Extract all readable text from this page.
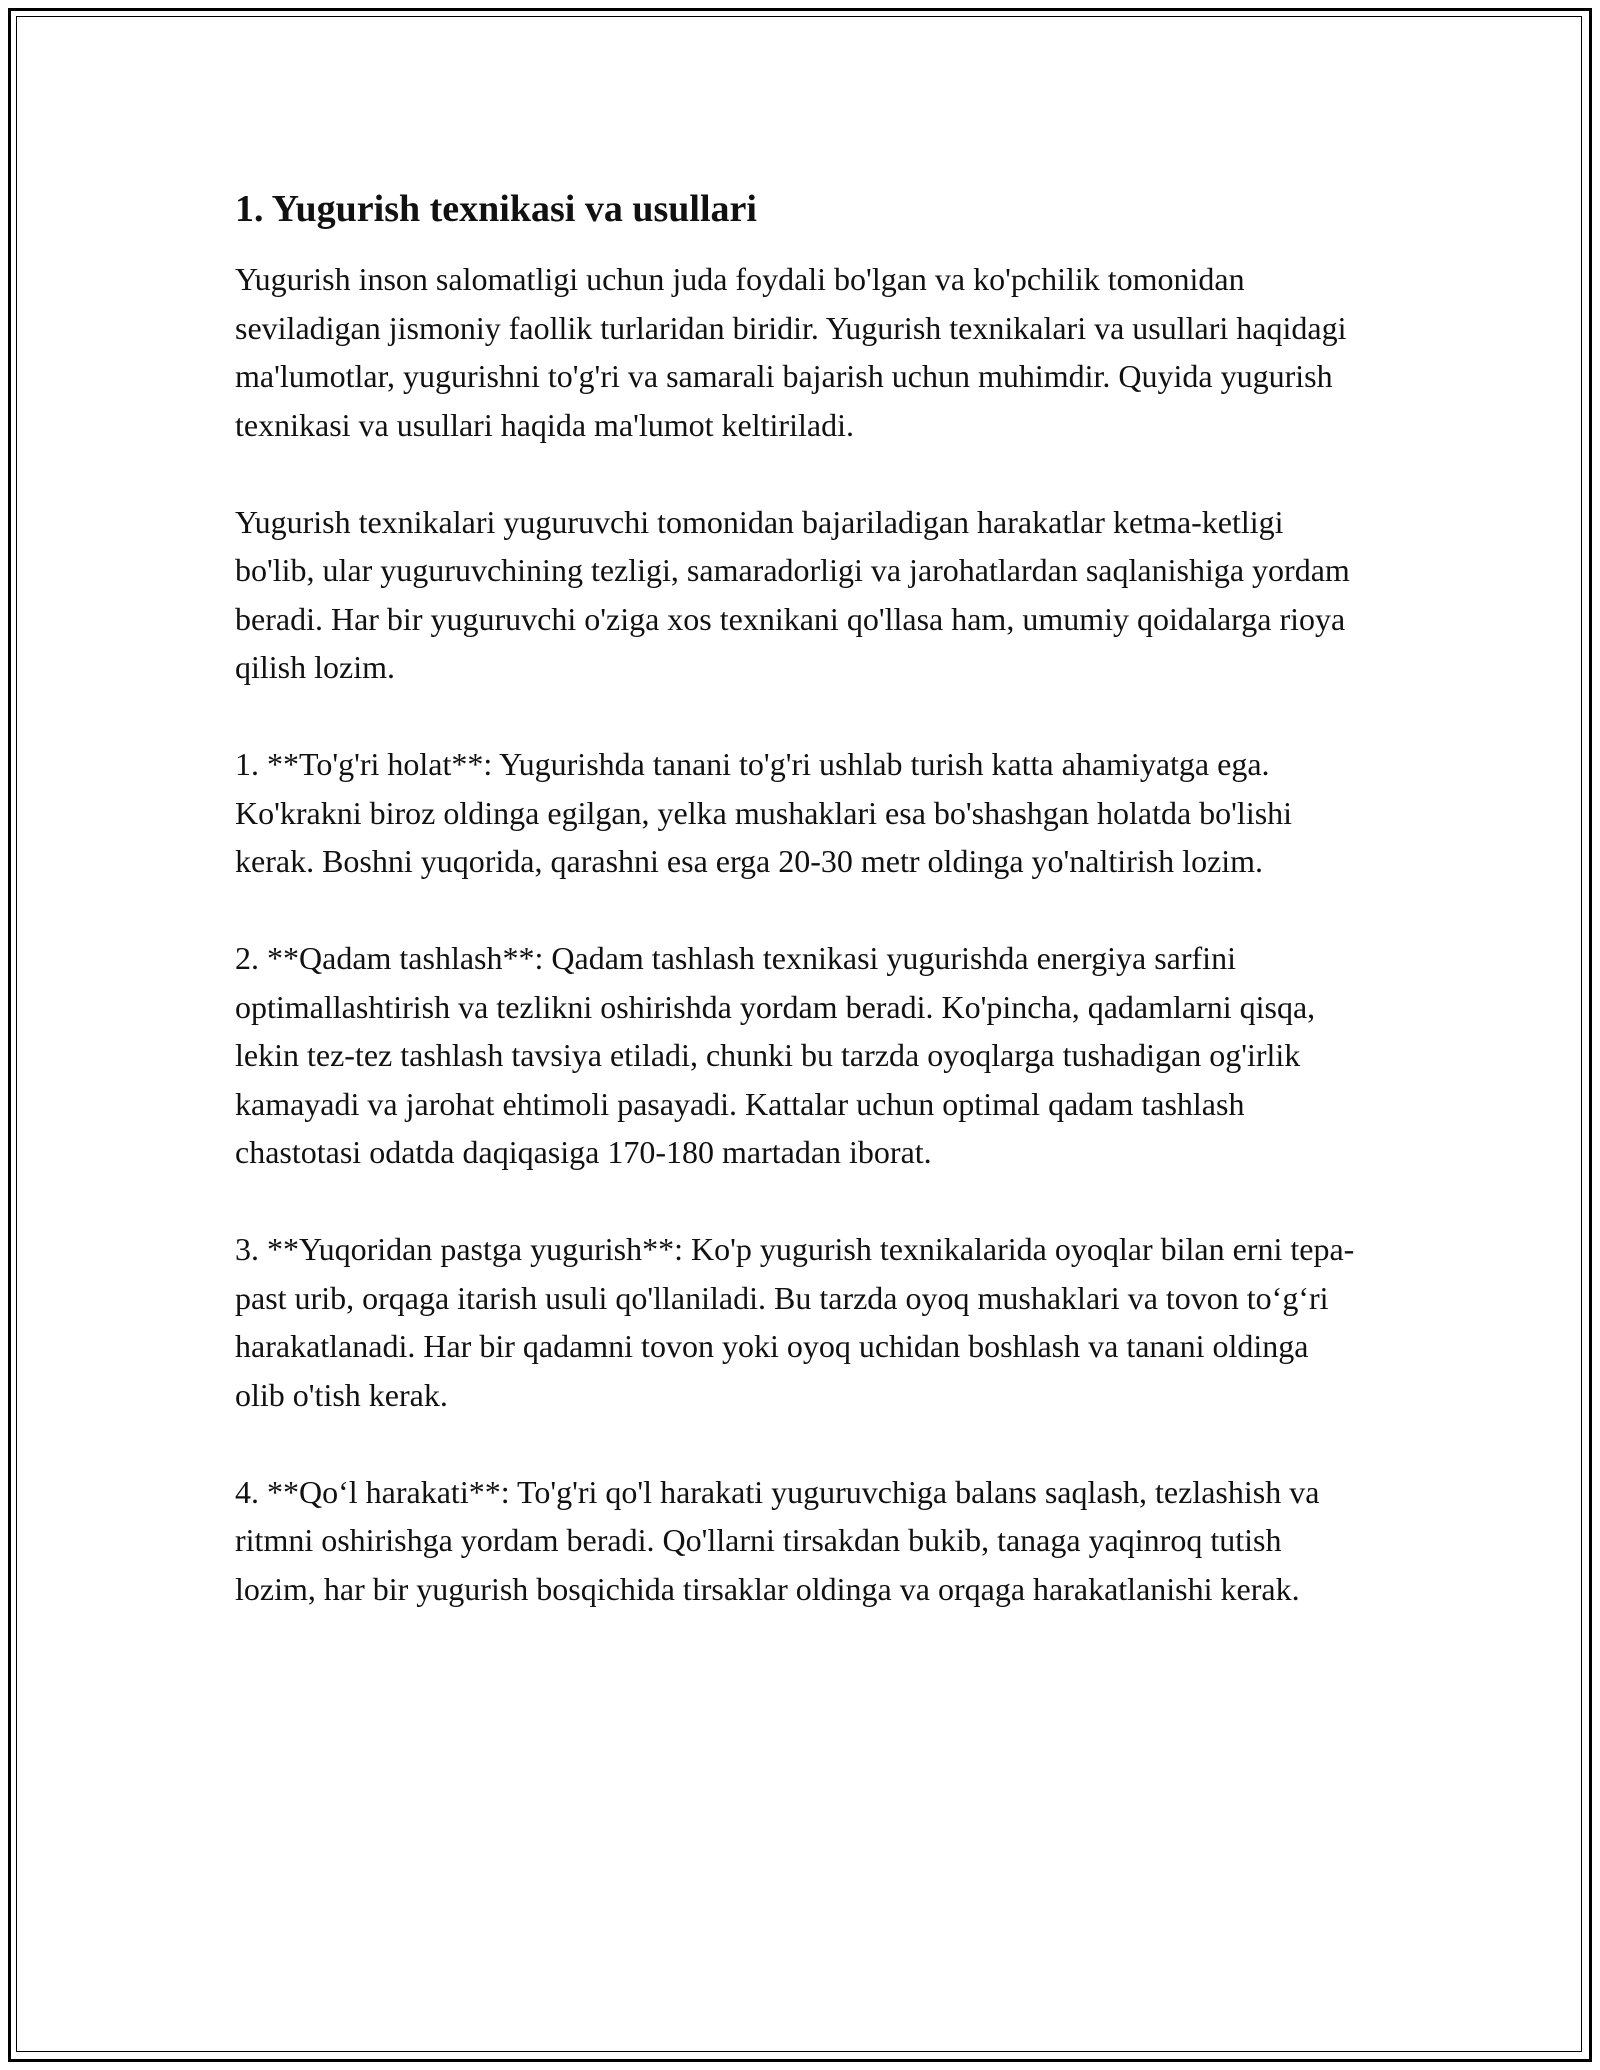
1. Yugurish texnikasi va usullari

Yugurish inson salomatligi uchun juda foydali bo'lgan va ko'pchilik tomonidan seviladigan jismoniy faollik turlaridan biridir. Yugurish texnikalari va usullari haqidagi ma'lumotlar, yugurishni to'g'ri va samarali bajarish uchun muhimdir. Quyida yugurish texnikasi va usullari haqida ma'lumot keltiriladi.

Yugurish texnikalari yuguruvchi tomonidan bajariladigan harakatlar ketma-ketligi bo'lib, ular yuguruvchining tezligi, samaradorligi va jarohatlardan saqlanishiga yordam beradi. Har bir yuguruvchi o'ziga xos texnikani qo'llasa ham, umumiy qoidalarga rioya qilish lozim.

1. **To'g'ri holat**: Yugurishda tanani to'g'ri ushlab turish katta ahamiyatga ega. Ko'krakni biroz oldinga egilgan, yelka mushaklari esa bo'shashgan holatda bo'lishi kerak. Boshni yuqorida, qarashni esa erga 20-30 metr oldinga yo'naltirish lozim.

2. **Qadam tashlash**: Qadam tashlash texnikasi yugurishda energiya sarfini optimallashtirish va tezlikni oshirishda yordam beradi. Ko'pincha, qadamlarni qisqa, lekin tez-tez tashlash tavsiya etiladi, chunki bu tarzda oyoqlarga tushadigan og'irlik kamayadi va jarohat ehtimoli pasayadi. Kattalar uchun optimal qadam tashlash chastotasi odatda daqiqasiga 170-180 martadan iborat.

3. **Yuqoridan pastga yugurish**: Ko'p yugurish texnikalarida oyoqlar bilan erni tepa-past urib, orqaga itarish usuli qo'llaniladi. Bu tarzda oyoq mushaklari va tovon to‘g‘ri harakatlanadi. Har bir qadamni tovon yoki oyoq uchidan boshlash va tanani oldinga olib o'tish kerak.

4. **Qo‘l harakati**: To'g'ri qo'l harakati yuguruvchiga balans saqlash, tezlashish va ritmni oshirishga yordam beradi. Qo'llarni tirsakdan bukib, tanaga yaqinroq tutish lozim, har bir yugurish bosqichida tirsaklar oldinga va orqaga harakatlanishi kerak.
